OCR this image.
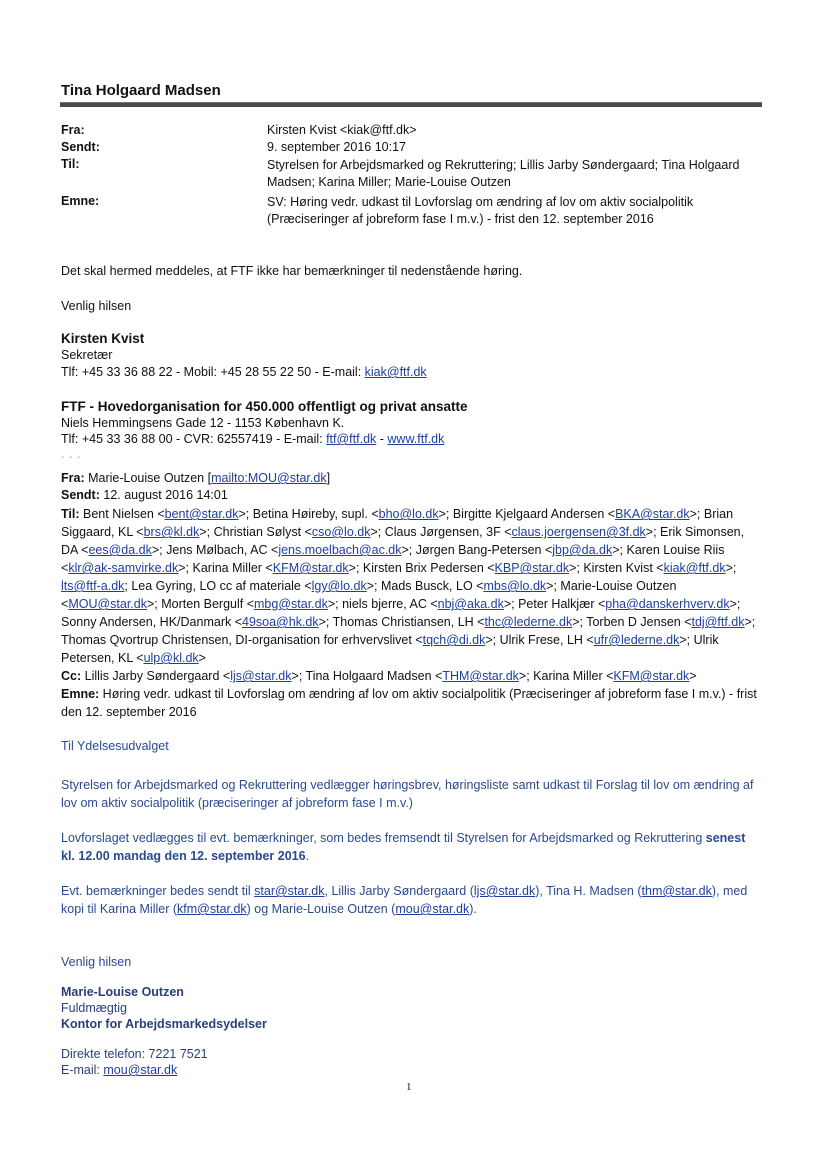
Tina Holgaard Madsen
Fra:	Kirsten Kvist <kiak@ftf.dk>
Sendt:	9. september 2016 10:17
Til:	Styrelsen for Arbejdsmarked og Rekruttering; Lillis Jarby Søndergaard; Tina Holgaard Madsen; Karina Miller; Marie-Louise Outzen
Emne:	SV: Høring vedr. udkast til Lovforslag om ændring af lov om aktiv socialpolitik (Præciseringer af jobreform fase I m.v.) - frist den 12. september 2016
Det skal hermed meddeles, at FTF ikke har bemærkninger til nedenstående høring.
Venlig hilsen
Kirsten Kvist
Sekretær
Tlf: +45 33 36 88 22 - Mobil: +45 28 55 22 50 - E-mail: kiak@ftf.dk
FTF - Hovedorganisation for 450.000 offentligt og privat ansatte
Niels Hemmingsens Gade 12 - 1153 København K.
Tlf: +45 33 36 88 00 - CVR: 62557419 - E-mail: ftf@ftf.dk - www.ftf.dk
- - -
Fra: Marie-Louise Outzen [mailto:MOU@star.dk]
Sendt: 12. august 2016 14:01
Til: Bent Nielsen <bent@star.dk>; Betina Høireby, supl. <bho@lo.dk>; Birgitte Kjelgaard Andersen <BKA@star.dk>; Brian Siggaard, KL <brs@kl.dk>; Christian Sølyst <cso@lo.dk>; Claus Jørgensen, 3F <claus.joergensen@3f.dk>; Erik Simonsen, DA <ees@da.dk>; Jens Mølbach, AC <jens.moelbach@ac.dk>; Jørgen Bang-Petersen <jbp@da.dk>; Karen Louise Riis <klr@ak-samvirke.dk>; Karina Miller <KFM@star.dk>; Kirsten Brix Pedersen <KBP@star.dk>; Kirsten Kvist <kiak@ftf.dk>; lts@ftf-a.dk; Lea Gyring, LO cc af materiale <lgy@lo.dk>; Mads Busck, LO <mbs@lo.dk>; Marie-Louise Outzen <MOU@star.dk>; Morten Bergulf <mbg@star.dk>; niels bjerre, AC <nbj@aka.dk>; Peter Halkjær <pha@danskerhverv.dk>; Sonny Andersen, HK/Danmark <49soa@hk.dk>; Thomas Christiansen, LH <thc@lederne.dk>; Torben D Jensen <tdj@ftf.dk>; Thomas Qvortrup Christensen, DI-organisation for erhvervslivet <tqch@di.dk>; Ulrik Frese, LH <ufr@lederne.dk>; Ulrik Petersen, KL <ulp@kl.dk>
Cc: Lillis Jarby Søndergaard <ljs@star.dk>; Tina Holgaard Madsen <THM@star.dk>; Karina Miller <KFM@star.dk>
Emne: Høring vedr. udkast til Lovforslag om ændring af lov om aktiv socialpolitik (Præciseringer af jobreform fase I m.v.) - frist den 12. september 2016
Til Ydelsesudvalget
Styrelsen for Arbejdsmarked og Rekruttering vedlægger høringsbrev, høringsliste samt udkast til Forslag til lov om ændring af lov om aktiv socialpolitik (præciseringer af jobreform fase I m.v.)
Lovforslaget vedlægges til evt. bemærkninger, som bedes fremsendt til Styrelsen for Arbejdsmarked og Rekruttering senest kl. 12.00 mandag den 12. september 2016.
Evt. bemærkninger bedes sendt til star@star.dk, Lillis Jarby Søndergaard (ljs@star.dk), Tina H. Madsen (thm@star.dk), med kopi til Karina Miller (kfm@star.dk) og Marie-Louise Outzen (mou@star.dk).
Venlig hilsen
Marie-Louise Outzen
Fuldmægtig
Kontor for Arbejdsmarkedsydelser
Direkte telefon: 7221 7521
E-mail: mou@star.dk
1
